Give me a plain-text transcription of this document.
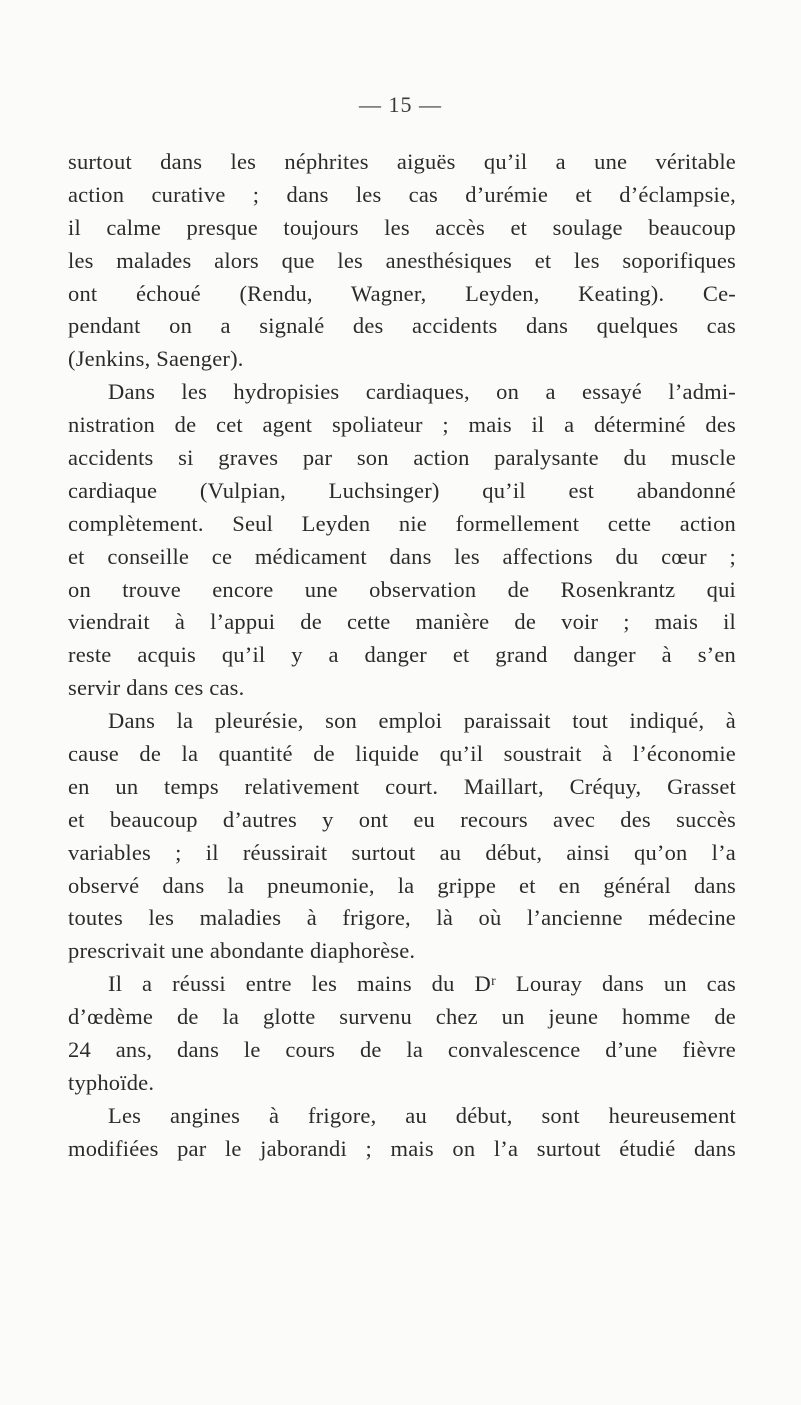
— 15 —
surtout dans les néphrites aiguës qu’il a une véritable
action curative ; dans les cas d’urémie et d’éclampsie,
il calme presque toujours les accès et soulage beaucoup
les malades alors que les anesthésiques et les soporifiques
ont échoué (Rendu, Wagner, Leyden, Keating). Ce-
pendant on a signalé des accidents dans quelques cas
(Jenkins, Saenger).
Dans les hydropisies cardiaques, on a essayé l’admi-
nistration de cet agent spoliateur ; mais il a déterminé des
accidents si graves par son action paralysante du muscle
cardiaque (Vulpian, Luchsinger) qu’il est abandonné
complètement. Seul Leyden nie formellement cette action
et conseille ce médicament dans les affections du cœur ;
on trouve encore une observation de Rosenkrantz qui
viendrait à l’appui de cette manière de voir ; mais il
reste acquis qu’il y a danger et grand danger à s’en
servir dans ces cas.
Dans la pleurésie, son emploi paraissait tout indiqué, à
cause de la quantité de liquide qu’il soustrait à l’économie
en un temps relativement court. Maillart, Créquy, Grasset
et beaucoup d’autres y ont eu recours avec des succès
variables ; il réussirait surtout au début, ainsi qu’on l’a
observé dans la pneumonie, la grippe et en général dans
toutes les maladies à frigore, là où l’ancienne médecine
prescrivait une abondante diaphorèse.
Il a réussi entre les mains du Dʳ Louray dans un cas
d’œdème de la glotte survenu chez un jeune homme de
24 ans, dans le cours de la convalescence d’une fièvre
typhoïde.
Les angines à frigore, au début, sont heureusement
modifiées par le jaborandi ; mais on l’a surtout étudié dans
